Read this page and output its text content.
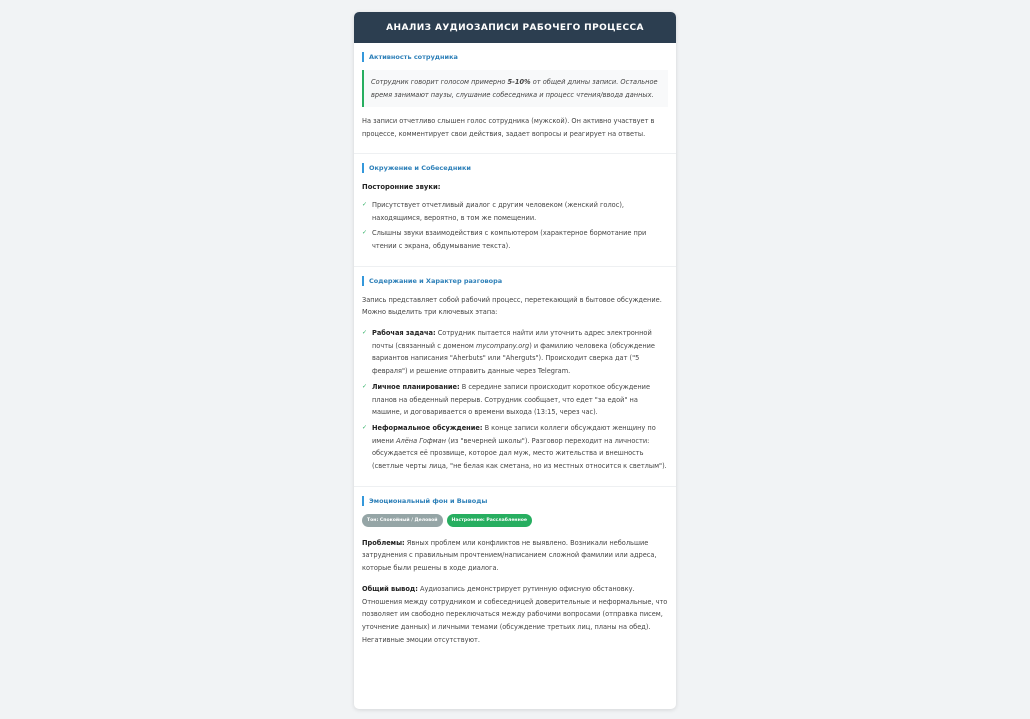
АНАЛИЗ АУДИОЗАПИСИ РАБОЧЕГО ПРОЦЕССА
Активность сотрудника
Сотрудник говорит голосом примерно 5-10% от общей длины записи. Остальное время занимают паузы, слушание собеседника и процесс чтения/ввода данных.

На записи отчетливо слышен голос сотрудника (мужской). Он активно участвует в процессе, комментирует свои действия, задает вопросы и реагирует на ответы.

Окружение и Собеседники
Посторонние звуки:
✓ Присутствует отчетливый диалог с другим человеком (женский голос), находящимся, вероятно, в том же помещении.
✓ Слышны звуки взаимодействия с компьютером (характерное бормотание при чтении с экрана, обдумывание текста).
Содержание и Характер разговора

Запись представляет собой рабочий процесс, перетекающий в бытовое обсуждение. Можно выделить три ключевых этапа:

✓ Рабочая задача: Сотрудник пытается найти или уточнить адрес электронной почты (связанный с доменом mycompany.org) и фамилию человека (обсуждение вариантов написания "Aherbuts" или "Aherguts"). Происходит сверка дат ("5 февраля") и решение отправить данные через Telegram.
✓ Личное планирование: В середине записи происходит короткое обсуждение планов на обеденный перерыв. Сотрудник сообщает, что едет "за едой" на машине, и договаривается о времени выхода (13:15, через час).
✓ Неформальное обсуждение: В конце записи коллеги обсуждают женщину по имени Алёна Гофман (из "вечерней школы"). Разговор переходит на личности: обсуждается её прозвище, которое дал муж, место жительства и внешность (светлые черты лица, "не белая как сметана, но из местных относится к светлым").
Эмоциональный фон и Выводы
Тон: Спокойный / Деловой	Настроение: Расслабленное

Проблемы: Явных проблем или конфликтов не выявлено. Возникали небольшие затруднения с правильным прочтением/написанием сложной фамилии или адреса, которые были решены в ходе диалога.

Общий вывод: Аудиозапись демонстрирует рутинную офисную обстановку. Отношения между сотрудником и собеседницей доверительные и неформальные, что позволяет им свободно переключаться между рабочими вопросами (отправка писем, уточнение данных) и личными темами (обсуждение третьих лиц, планы на обед). Негативные эмоции отсутствуют.
